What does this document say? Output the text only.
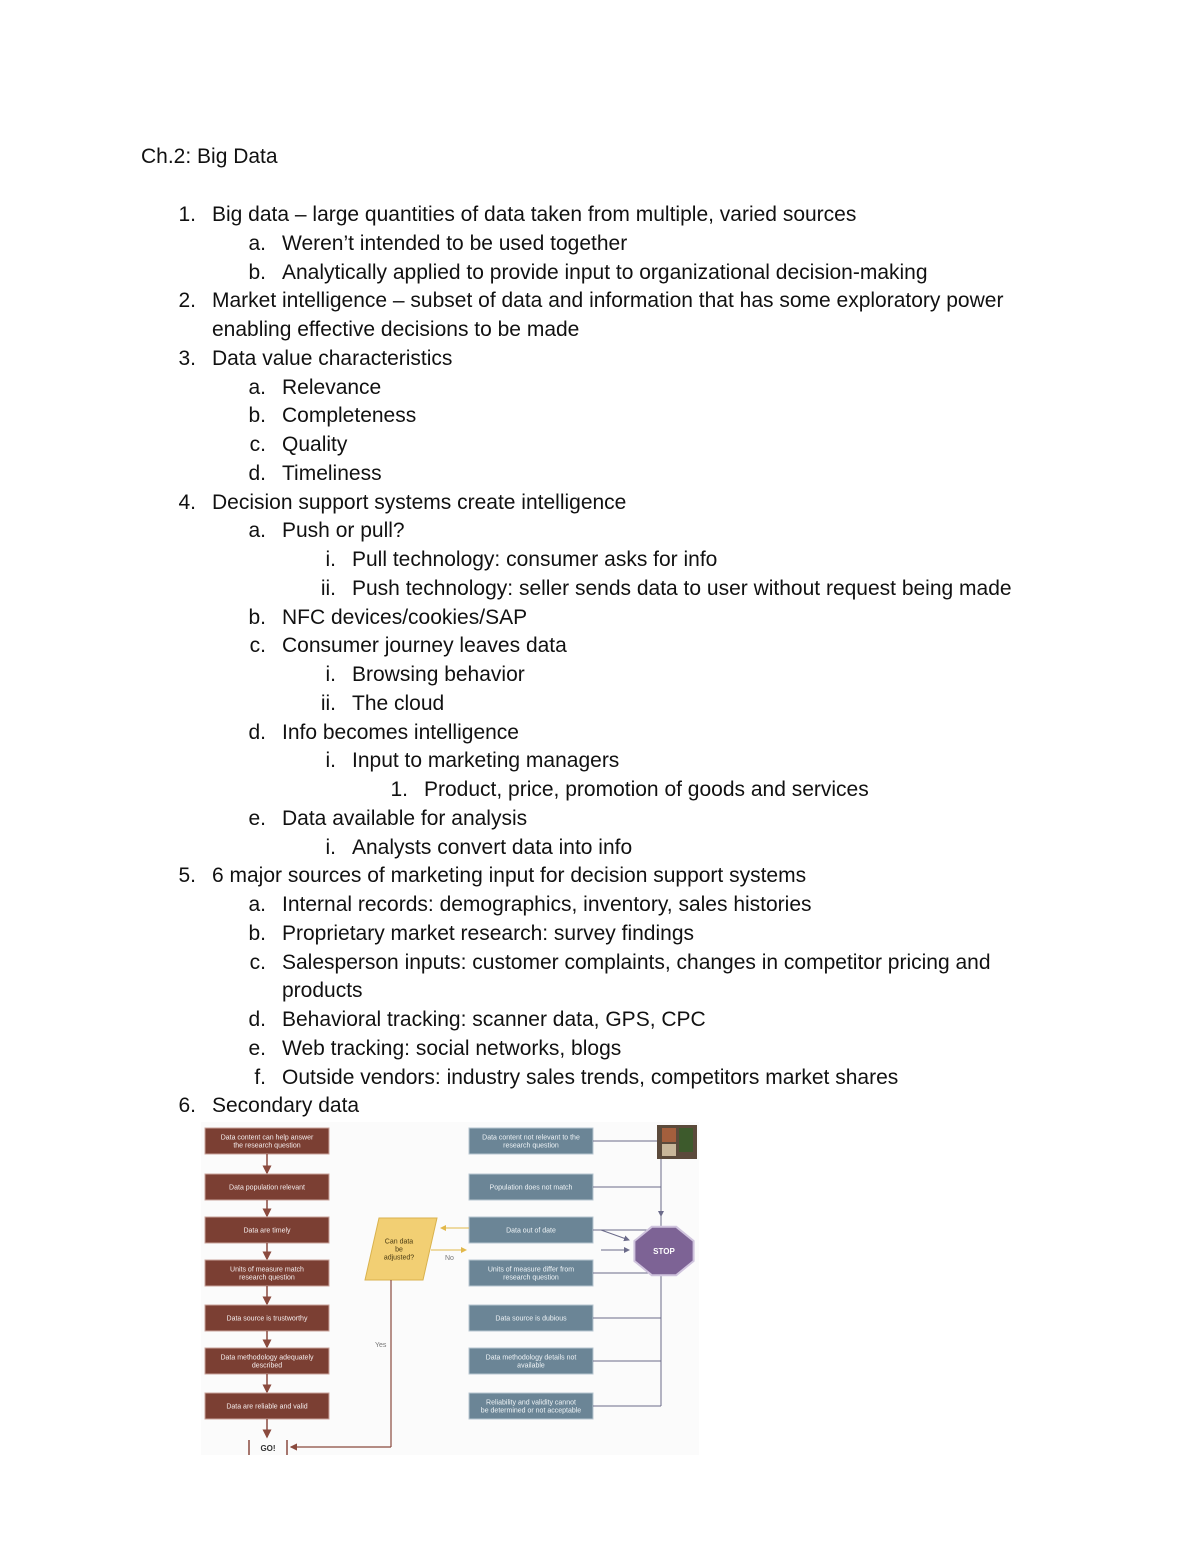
Ch.2: Big Data
1. Big data – large quantities of data taken from multiple, varied sources
a. Weren’t intended to be used together
b. Analytically applied to provide input to organizational decision-making
2. Market intelligence – subset of data and information that has some exploratory power
enabling effective decisions to be made
3. Data value characteristics
a. Relevance
b. Completeness
c. Quality
d. Timeliness
4. Decision support systems create intelligence
a. Push or pull?
i. Pull technology: consumer asks for info
ii. Push technology: seller sends data to user without request being made
b. NFC devices/cookies/SAP
c. Consumer journey leaves data
i. Browsing behavior
ii. The cloud
d. Info becomes intelligence
i. Input to marketing managers
1. Product, price, promotion of goods and services
e. Data available for analysis
i. Analysts convert data into info
5. 6 major sources of marketing input for decision support systems
a. Internal records: demographics, inventory, sales histories
b. Proprietary market research: survey findings
c. Salesperson inputs: customer complaints, changes in competitor pricing and
products
d. Behavioral tracking: scanner data, GPS, CPC
e. Web tracking: social networks, blogs
f. Outside vendors: industry sales trends, competitors market shares
6. Secondary data
Data content can help answer the research question
Data population relevant
Data are timely
Units of measure match research question
Data source is trustworthy
Data methodology adequately described
Data are reliable and valid
GO!
Data content not relevant to the research question
Population does not match
Data out of date
Units of measure differ from research question
Data source is dubious
Data methodology details not available
Reliability and validity cannot be determined or not acceptable
Can data be adjusted?	No
Yes
STOP
